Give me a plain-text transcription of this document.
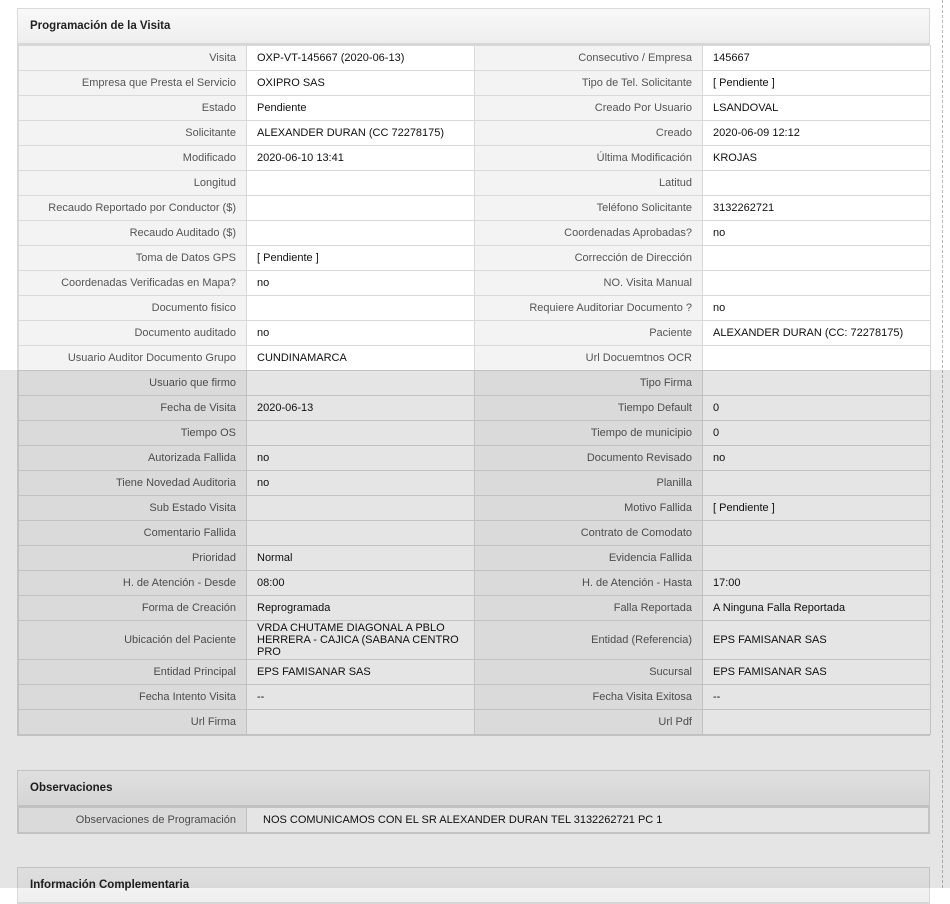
Programación de la Visita
Visita	OXP-VT-145667 (2020-06-13)	Consecutivo / Empresa	145667
Empresa que Presta el Servicio	OXIPRO SAS	Tipo de Tel. Solicitante	[ Pendiente ]
Estado	Pendiente	Creado Por Usuario	LSANDOVAL
Solicitante	ALEXANDER DURAN (CC 72278175)	Creado	2020-06-09 12:12
Modificado	2020-06-10 13:41	Última Modificación	KROJAS
Longitud		Latitud	
Recaudo Reportado por Conductor ($)		Teléfono Solicitante	3132262721
Recaudo Auditado ($)		Coordenadas Aprobadas?	no
Toma de Datos GPS	[ Pendiente ]	Corrección de Dirección	
Coordenadas Verificadas en Mapa?	no	NO. Visita Manual	
Documento fisico		Requiere Auditoriar Documento ?	no
Documento auditado	no	Paciente	ALEXANDER DURAN (CC: 72278175)
Usuario Auditor Documento Grupo	CUNDINAMARCA	Url Docuemtnos OCR	
Usuario que firmo		Tipo Firma	
Fecha de Visita	2020-06-13	Tiempo Default	0
Tiempo OS		Tiempo de municipio	0
Autorizada Fallida	no	Documento Revisado	no
Tiene Novedad Auditoria	no	Planilla	
Sub Estado Visita		Motivo Fallida	[ Pendiente ]
Comentario Fallida		Contrato de Comodato	
Prioridad	Normal	Evidencia Fallida	
H. de Atención - Desde	08:00	H. de Atención - Hasta	17:00
Forma de Creación	Reprogramada	Falla Reportada	A Ninguna Falla Reportada
Ubicación del Paciente	VRDA CHUTAME DIAGONAL A PBLO HERRERA - CAJICA (SABANA CENTRO PRO	Entidad (Referencia)	EPS FAMISANAR SAS
Entidad Principal	EPS FAMISANAR SAS	Sucursal	EPS FAMISANAR SAS
Fecha Intento Visita	--	Fecha Visita Exitosa	--
Url Firma		Url Pdf	
Observaciones
Observaciones de Programación	NOS COMUNICAMOS CON EL SR ALEXANDER DURAN TEL 3132262721 PC 1
Información Complementaria
